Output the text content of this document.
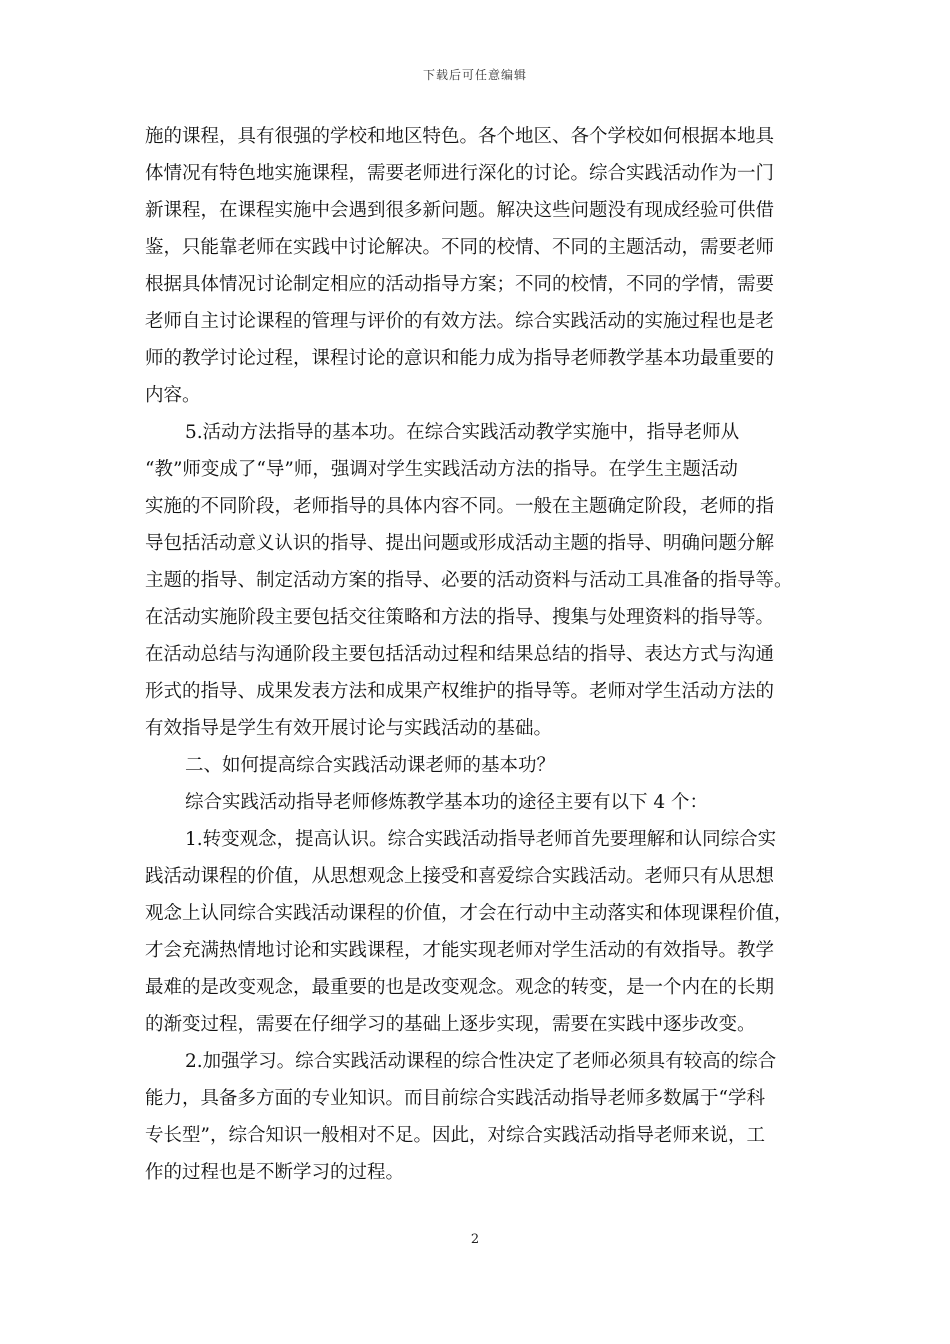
下载后可任意编辑
施的课程，具有很强的学校和地区特色。各个地区、各个学校如何根据本地具
体情况有特色地实施课程，需要老师进行深化的讨论。综合实践活动作为一门
新课程，在课程实施中会遇到很多新问题。解决这些问题没有现成经验可供借
鉴，只能靠老师在实践中讨论解决。不同的校情、不同的主题活动，需要老师
根据具体情况讨论制定相应的活动指导方案；不同的校情，不同的学情，需要
老师自主讨论课程的管理与评价的有效方法。综合实践活动的实施过程也是老
师的教学讨论过程，课程讨论的意识和能力成为指导老师教学基本功最重要的
内容。
5.活动方法指导的基本功。在综合实践活动教学实施中，指导老师从
“教”师变成了“导”师，强调对学生实践活动方法的指导。在学生主题活动
实施的不同阶段，老师指导的具体内容不同。一般在主题确定阶段，老师的指
导包括活动意义认识的指导、提出问题或形成活动主题的指导、明确问题分解
主题的指导、制定活动方案的指导、必要的活动资料与活动工具准备的指导等。
在活动实施阶段主要包括交往策略和方法的指导、搜集与处理资料的指导等。
在活动总结与沟通阶段主要包括活动过程和结果总结的指导、表达方式与沟通
形式的指导、成果发表方法和成果产权维护的指导等。老师对学生活动方法的
有效指导是学生有效开展讨论与实践活动的基础。
二、如何提高综合实践活动课老师的基本功？
综合实践活动指导老师修炼教学基本功的途径主要有以下 4 个：
1.转变观念，提高认识。综合实践活动指导老师首先要理解和认同综合实
践活动课程的价值，从思想观念上接受和喜爱综合实践活动。老师只有从思想
观念上认同综合实践活动课程的价值，才会在行动中主动落实和体现课程价值，
才会充满热情地讨论和实践课程，才能实现老师对学生活动的有效指导。教学
最难的是改变观念，最重要的也是改变观念。观念的转变，是一个内在的长期
的渐变过程，需要在仔细学习的基础上逐步实现，需要在实践中逐步改变。
2.加强学习。综合实践活动课程的综合性决定了老师必须具有较高的综合
能力，具备多方面的专业知识。而目前综合实践活动指导老师多数属于“学科
专长型”，综合知识一般相对不足。因此，对综合实践活动指导老师来说，工
作的过程也是不断学习的过程。
2
